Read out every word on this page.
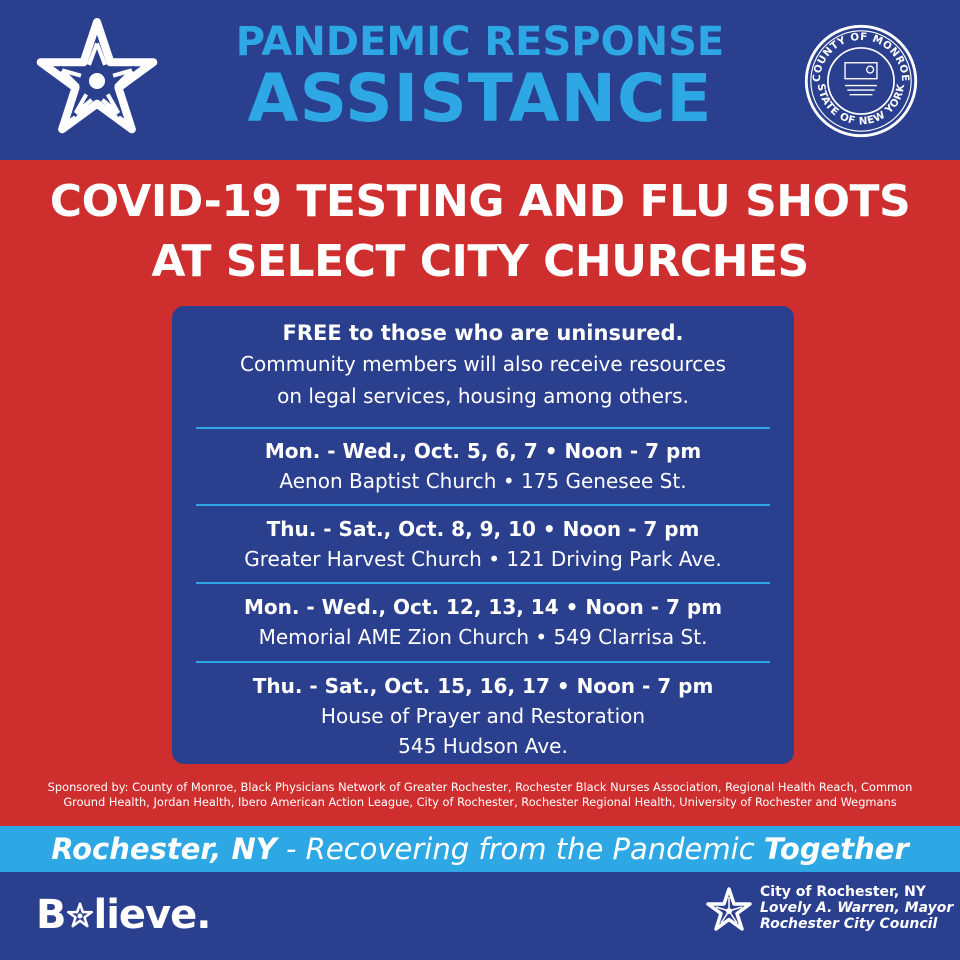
PANDEMIC RESPONSE
ASSISTANCE	COUNTY OF MONROE
STATE OF NEW YORK
COVID-19 TESTING AND FLU SHOTS
AT SELECT CITY CHURCHES
FREE to those who are uninsured.
Community members will also receive resources
on legal services, housing among others.
Mon. - Wed., Oct. 5, 6, 7 • Noon - 7 pm
Aenon Baptist Church • 175 Genesee St.
Thu. - Sat., Oct. 8, 9, 10 • Noon - 7 pm
Greater Harvest Church • 121 Driving Park Ave.
Mon. - Wed., Oct. 12, 13, 14 • Noon - 7 pm
Memorial AME Zion Church • 549 Clarrisa St.
Thu. - Sat., Oct. 15, 16, 17 • Noon - 7 pm
House of Prayer and Restoration
545 Hudson Ave.
Sponsored by: County of Monroe, Black Physicians Network of Greater Rochester, Rochester Black Nurses Association, Regional Health Reach, Common
Ground Health, Jordan Health, Ibero American Action League, City of Rochester, Rochester Regional Health, University of Rochester and Wegmans
Rochester, NY - Recovering from the Pandemic Together
B lieve.	City of Rochester, NY
Lovely A. Warren, Mayor
Rochester City Council
